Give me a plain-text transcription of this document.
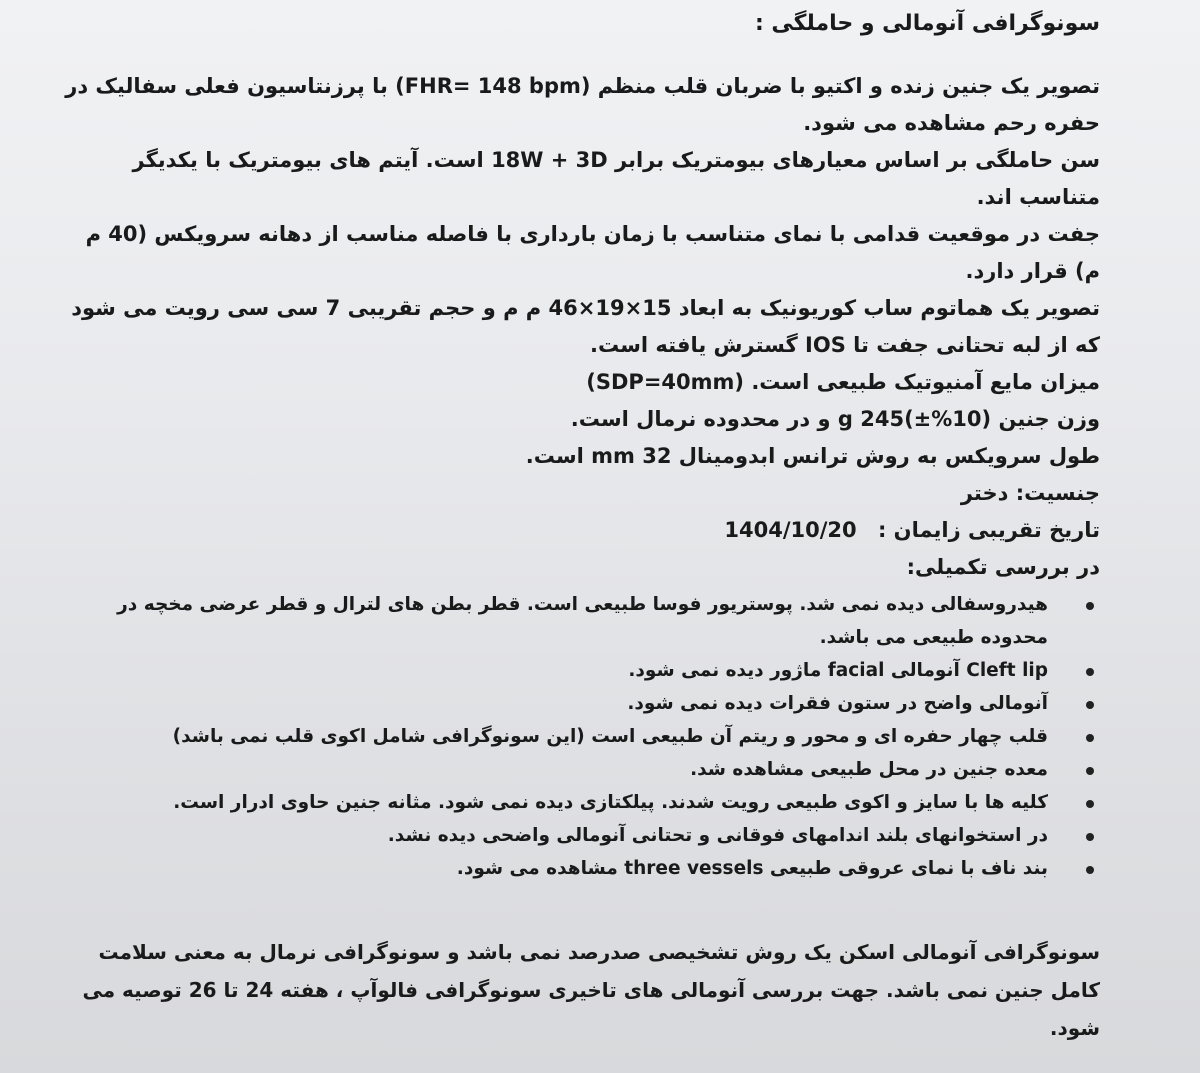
سونوگرافی آنومالی و حاملگی :

تصویر یک جنین زنده و اکتیو با ضربان قلب منظم (FHR= 148 bpm) با پرزنتاسیون فعلی سفالیک در حفره رحم مشاهده می شود.

سن حاملگی بر اساس معیارهای بیومتریک برابر 18W + 3D است. آیتم های بیومتریک با یکدیگر متناسب اند.

جفت در موقعیت قدامی با نمای متناسب با زمان بارداری با فاصله مناسب از دهانه سرویکس (40 م م) قرار دارد.

تصویر یک هماتوم ساب کوریونیک به ابعاد 15×19×46 م م و حجم تقریبی 7 سی سی رویت می شود که از لبه تحتانی جفت تا IOS گسترش یافته است.

میزان مایع آمنیوتیک طبیعی است. (SDP=40mm)

وزن جنین (10%±)g 245 و در محدوده نرمال است.

طول سرویکس به روش ترانس ابدومینال 32 mm است.

جنسیت: دختر

تاریخ تقریبی زایمان : 1404/10/20

در بررسی تکمیلی:

هیدروسفالی دیده نمی شد. پوستریور فوسا طبیعی است. قطر بطن های لترال و قطر عرضی مخچه در محدوده طبیعی می باشد.
Cleft lip آنومالی facial ماژور دیده نمی شود.
آنومالی واضح در ستون فقرات دیده نمی شود.
قلب چهار حفره ای و محور و ریتم آن طبیعی است (این سونوگرافی شامل اکوی قلب نمی باشد)
معده جنین در محل طبیعی مشاهده شد.
کلیه ها با سایز و اکوی طبیعی رویت شدند. پیلکتازی دیده نمی شود. مثانه جنین حاوی ادرار است.
در استخوانهای بلند اندامهای فوقانی و تحتانی آنومالی واضحی دیده نشد.
بند ناف با نمای عروقی طبیعی three vessels مشاهده می شود.

سونوگرافی آنومالی اسکن یک روش تشخیصی صدرصد نمی باشد و سونوگرافی نرمال به معنی سلامت کامل جنین نمی باشد. جهت بررسی آنومالی های تاخیری سونوگرافی فالوآپ ، هفته 24 تا 26 توصیه می شود.
